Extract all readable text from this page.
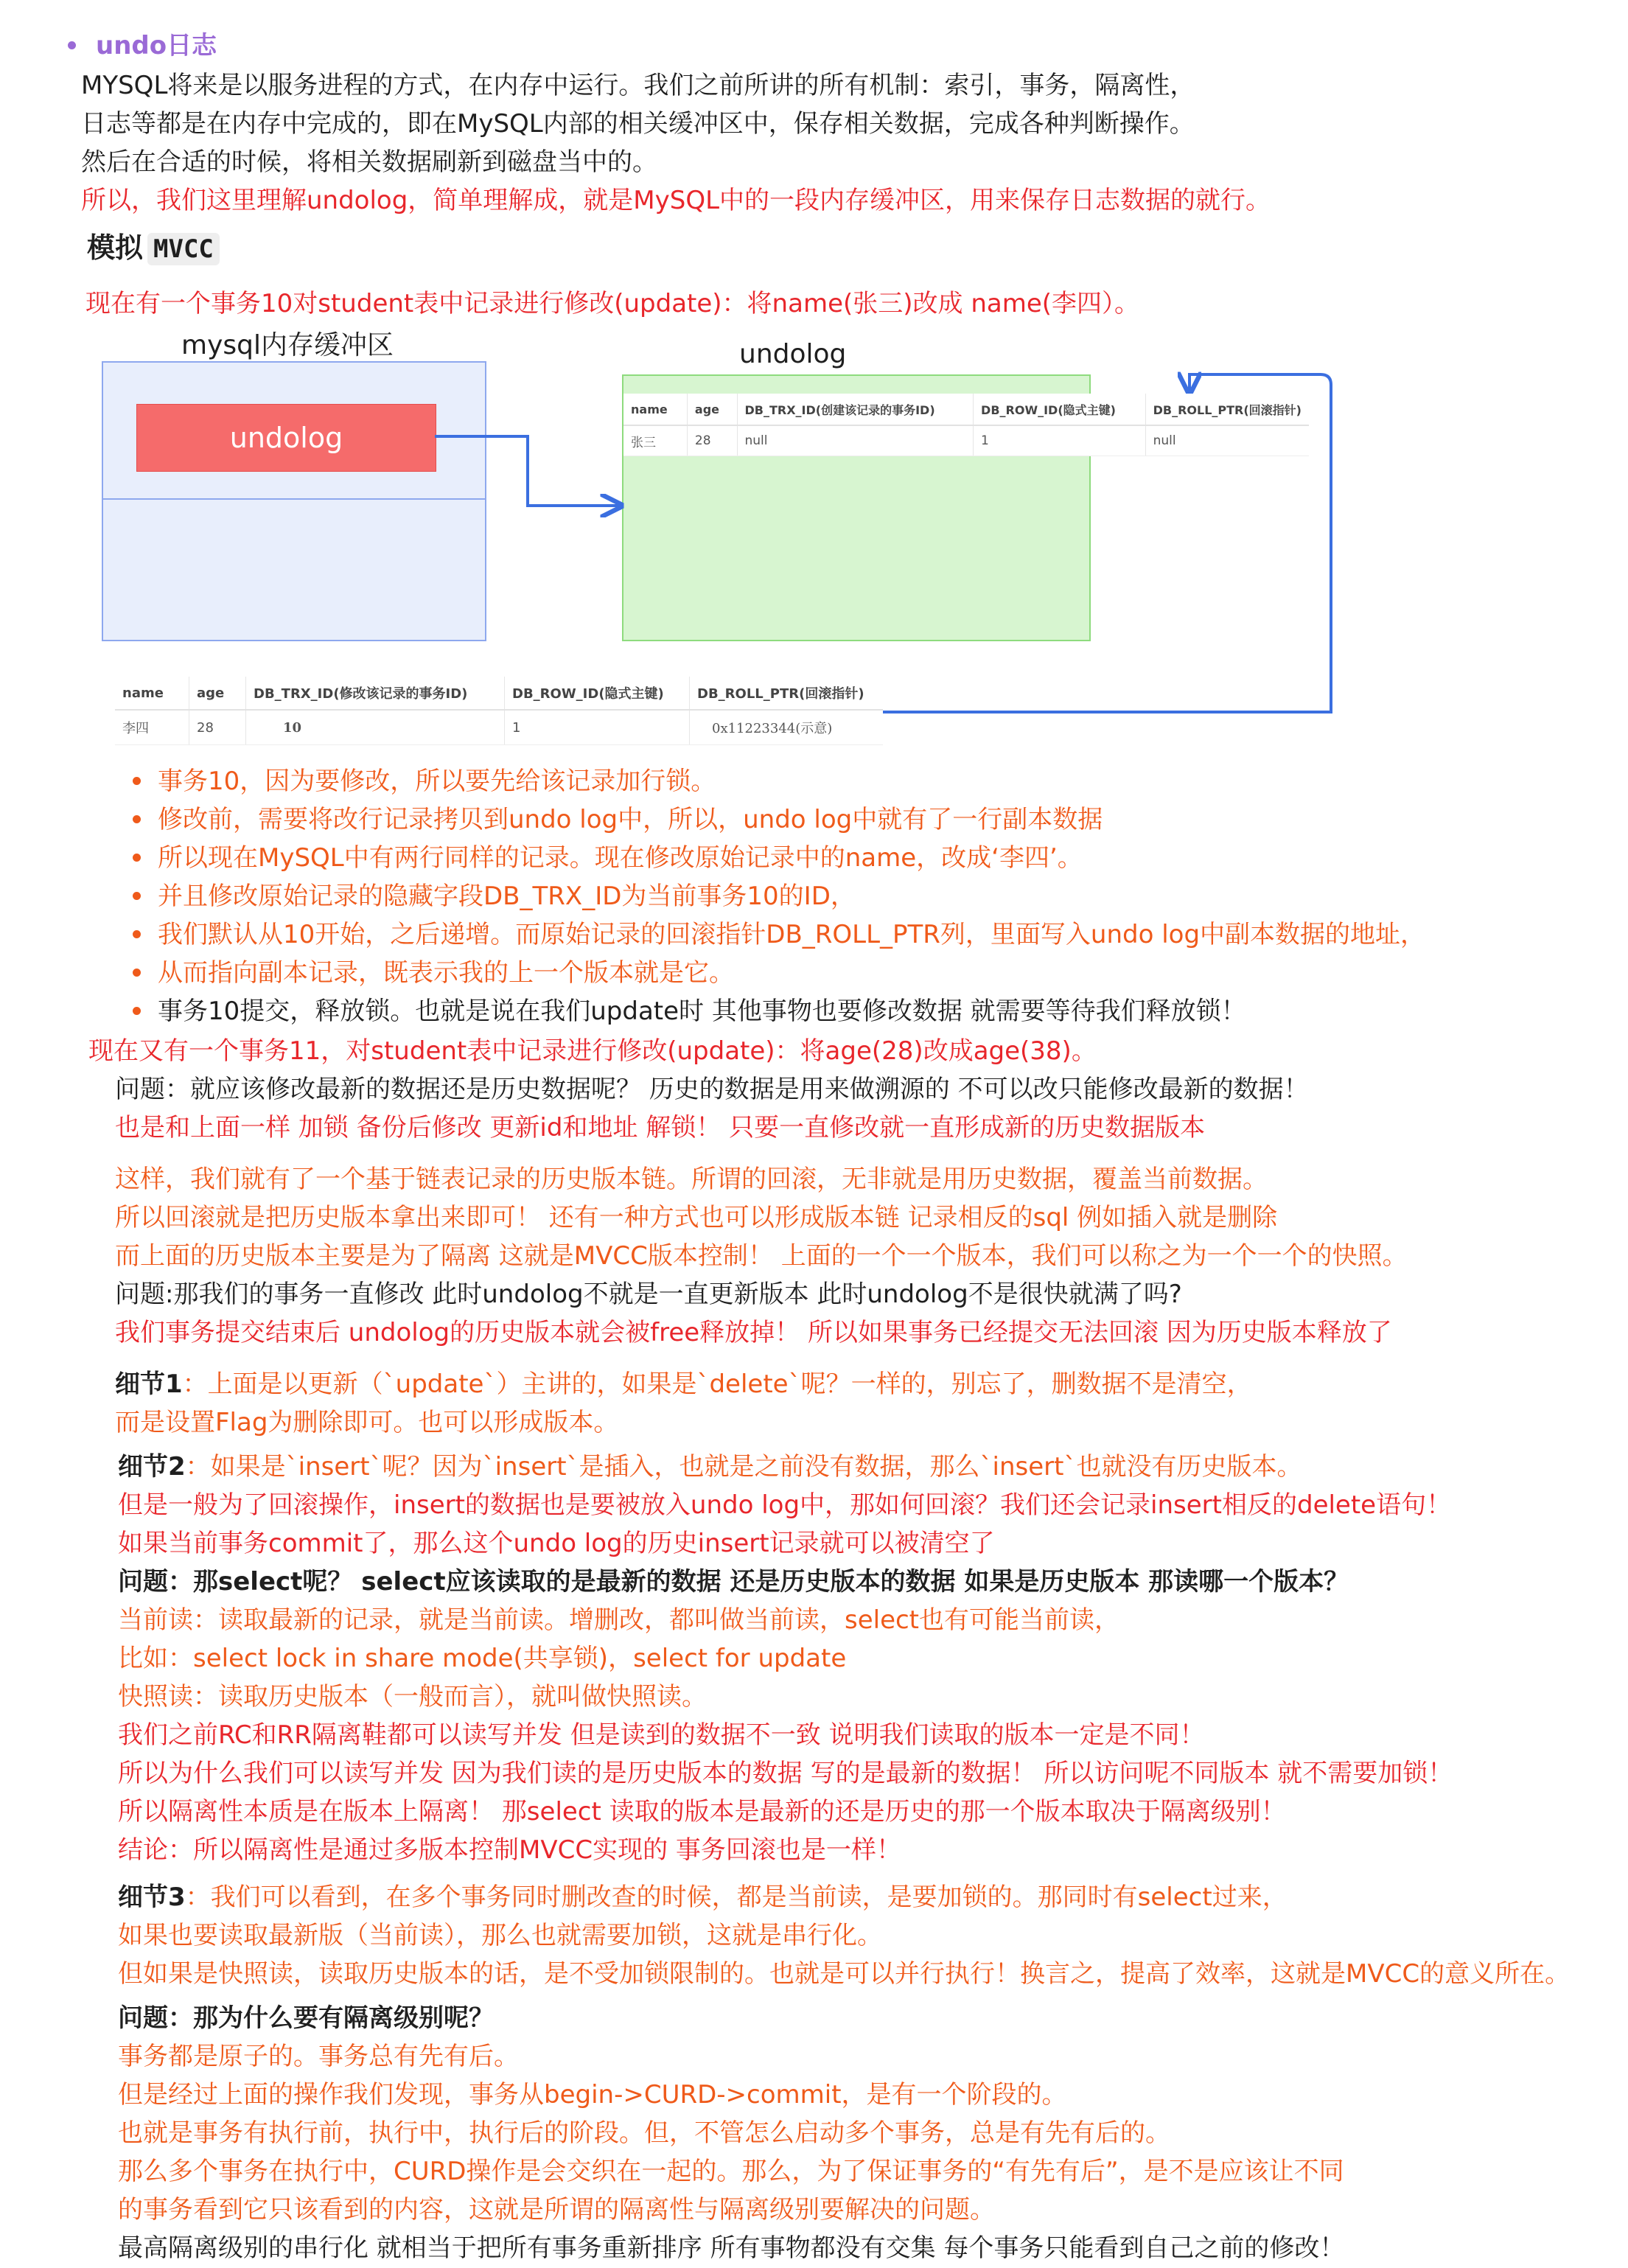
undo日志
MYSQL将来是以服务进程的方式，在内存中运行。我们之前所讲的所有机制：索引，事务，隔离性，
日志等都是在内存中完成的，即在MySQL内部的相关缓冲区中，保存相关数据，完成各种判断操作。
然后在合适的时候，将相关数据刷新到磁盘当中的。
所以，我们这里理解undolog，简单理解成，就是MySQL中的一段内存缓冲区，用来保存日志数据的就行。
模拟 MVCC
现在有一个事务10对student表中记录进行修改(update)：将name(张三)改成 name(李四）。
mysql内存缓冲区
undolog
undolog
name	age	DB_TRX_ID(创建该记录的事务ID)	DB_ROW_ID(隐式主键)	DB_ROLL_PTR(回滚指针)
张三	28	null	1	null
name	age	DB_TRX_ID(修改该记录的事务ID)	DB_ROW_ID(隐式主键)	DB_ROLL_PTR(回滚指针)
李四	28	10	1	0x11223344(示意)
事务10，因为要修改，所以要先给该记录加行锁。
修改前，需要将改行记录拷贝到undo log中，所以，undo log中就有了一行副本数据
所以现在MySQL中有两行同样的记录。现在修改原始记录中的name，改成‘李四’。
并且修改原始记录的隐藏字段DB_TRX_ID为当前事务10的ID，
我们默认从10开始，之后递增。而原始记录的回滚指针DB_ROLL_PTR列，里面写入undo log中副本数据的地址，
从而指向副本记录，既表示我的上一个版本就是它。
事务10提交，释放锁。也就是说在我们update时 其他事物也要修改数据 就需要等待我们释放锁！
现在又有一个事务11，对student表中记录进行修改(update)：将age(28)改成age(38)。
问题：就应该修改最新的数据还是历史数据呢？ 历史的数据是用来做溯源的 不可以改只能修改最新的数据！
也是和上面一样 加锁 备份后修改 更新id和地址 解锁！ 只要一直修改就一直形成新的历史数据版本
这样，我们就有了一个基于链表记录的历史版本链。所谓的回滚，无非就是用历史数据，覆盖当前数据。
所以回滚就是把历史版本拿出来即可！ 还有一种方式也可以形成版本链 记录相反的sql 例如插入就是删除
而上面的历史版本主要是为了隔离 这就是MVCC版本控制！ 上面的一个一个版本，我们可以称之为一个一个的快照。
问题:那我们的事务一直修改 此时undolog不就是一直更新版本 此时undolog不是很快就满了吗?
我们事务提交结束后 undolog的历史版本就会被free释放掉！ 所以如果事务已经提交无法回滚 因为历史版本释放了
细节1：上面是以更新（`update`）主讲的，如果是`delete`呢？一样的，别忘了，删数据不是清空，
而是设置Flag为删除即可。也可以形成版本。
细节2：如果是`insert`呢？因为`insert`是插入，也就是之前没有数据，那么`insert`也就没有历史版本。
但是一般为了回滚操作，insert的数据也是要被放入undo log中，那如何回滚？我们还会记录insert相反的delete语句！
如果当前事务commit了，那么这个undo log的历史insert记录就可以被清空了
问题：那select呢？ select应该读取的是最新的数据 还是历史版本的数据 如果是历史版本 那读哪一个版本？
当前读：读取最新的记录，就是当前读。增删改，都叫做当前读，select也有可能当前读，
比如：select lock in share mode(共享锁)，select for update
快照读：读取历史版本（一般而言），就叫做快照读。
我们之前RC和RR隔离鞋都可以读写并发 但是读到的数据不一致 说明我们读取的版本一定是不同！
所以为什么我们可以读写并发 因为我们读的是历史版本的数据 写的是最新的数据！ 所以访问呢不同版本 就不需要加锁！
所以隔离性本质是在版本上隔离！ 那select 读取的版本是最新的还是历史的那一个版本取决于隔离级别！
结论：所以隔离性是通过多版本控制MVCC实现的 事务回滚也是一样！
细节3：我们可以看到，在多个事务同时删改查的时候，都是当前读，是要加锁的。那同时有select过来，
如果也要读取最新版（当前读），那么也就需要加锁，这就是串行化。
但如果是快照读，读取历史版本的话，是不受加锁限制的。也就是可以并行执行！换言之，提高了效率，这就是MVCC的意义所在。
问题：那为什么要有隔离级别呢？
事务都是原子的。事务总有先有后。
但是经过上面的操作我们发现，事务从begin->CURD->commit，是有一个阶段的。
也就是事务有执行前，执行中，执行后的阶段。但，不管怎么启动多个事务，总是有先有后的。
那么多个事务在执行中，CURD操作是会交织在一起的。那么，为了保证事务的“有先有后”，是不是应该让不同
的事务看到它只该看到的内容，这就是所谓的隔离性与隔离级别要解决的问题。
最高隔离级别的串行化 就相当于把所有事务重新排序 所有事物都没有交集 每个事务只能看到自己之前的修改！
